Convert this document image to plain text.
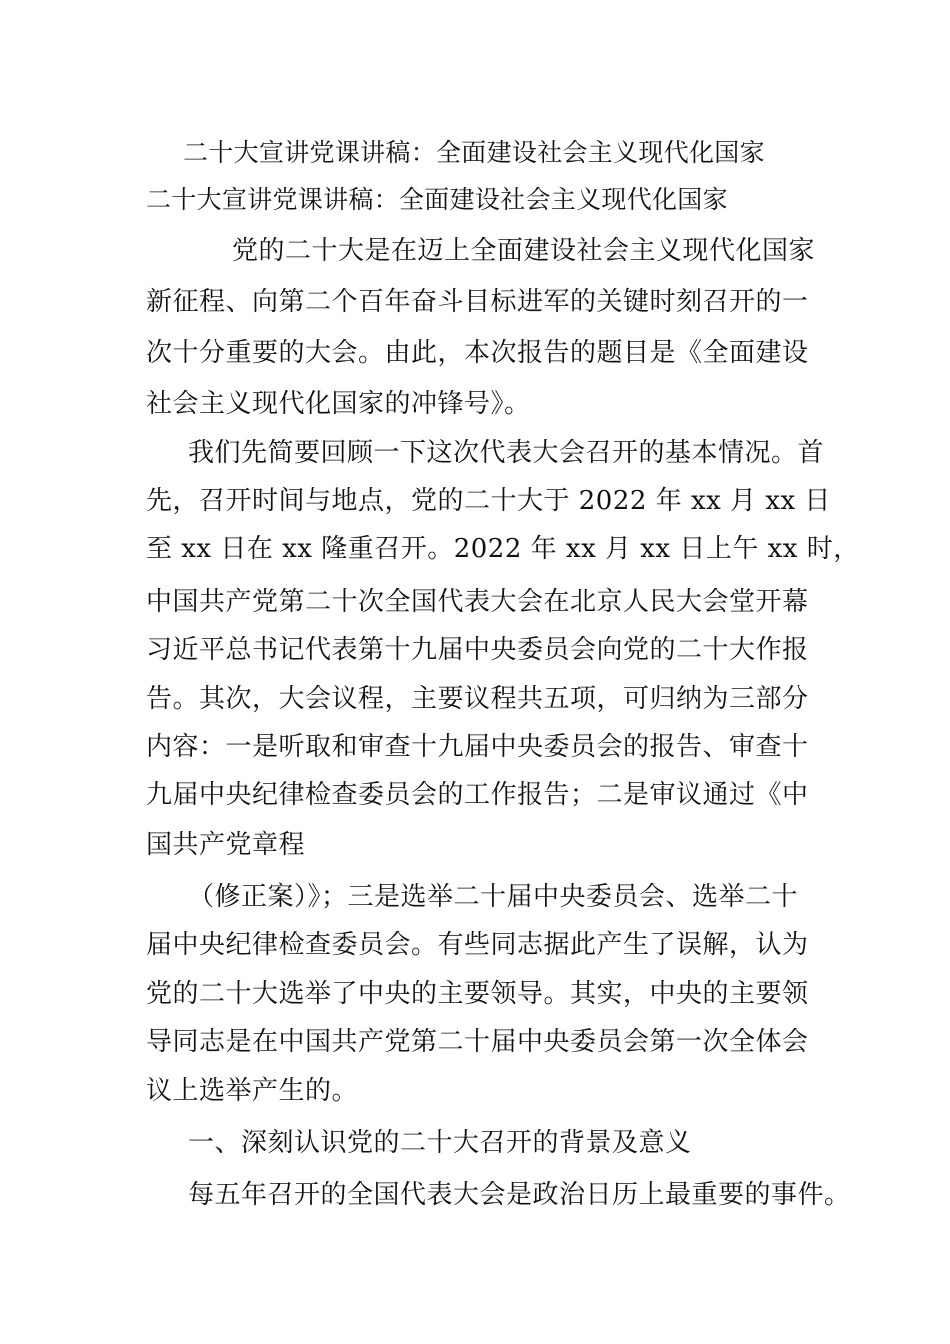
二十大宣讲党课讲稿：全面建设社会主义现代化国家
二十大宣讲党课讲稿：全面建设社会主义现代化国家
党的二十大是在迈上全面建设社会主义现代化国家
新征程、向第二个百年奋斗目标进军的关键时刻召开的一
次十分重要的大会。由此，本次报告的题目是《全面建设
社会主义现代化国家的冲锋号》。
我们先简要回顾一下这次代表大会召开的基本情况。首
先，召开时间与地点，党的二十大于 2022 年 xx 月 xx 日
至 xx 日在 xx 隆重召开。2022 年 xx 月 xx 日上午 xx 时，
中国共产党第二十次全国代表大会在北京人民大会堂开幕
习近平总书记代表第十九届中央委员会向党的二十大作报
告。其次，大会议程，主要议程共五项，可归纳为三部分
内容：一是听取和审查十九届中央委员会的报告、审查十
九届中央纪律检查委员会的工作报告；二是审议通过《中
国共产党章程
（修正案）》；三是选举二十届中央委员会、选举二十
届中央纪律检查委员会。有些同志据此产生了误解，认为
党的二十大选举了中央的主要领导。其实，中央的主要领
导同志是在中国共产党第二十届中央委员会第一次全体会
议上选举产生的。
一、深刻认识党的二十大召开的背景及意义
每五年召开的全国代表大会是政治日历上最重要的事件。
